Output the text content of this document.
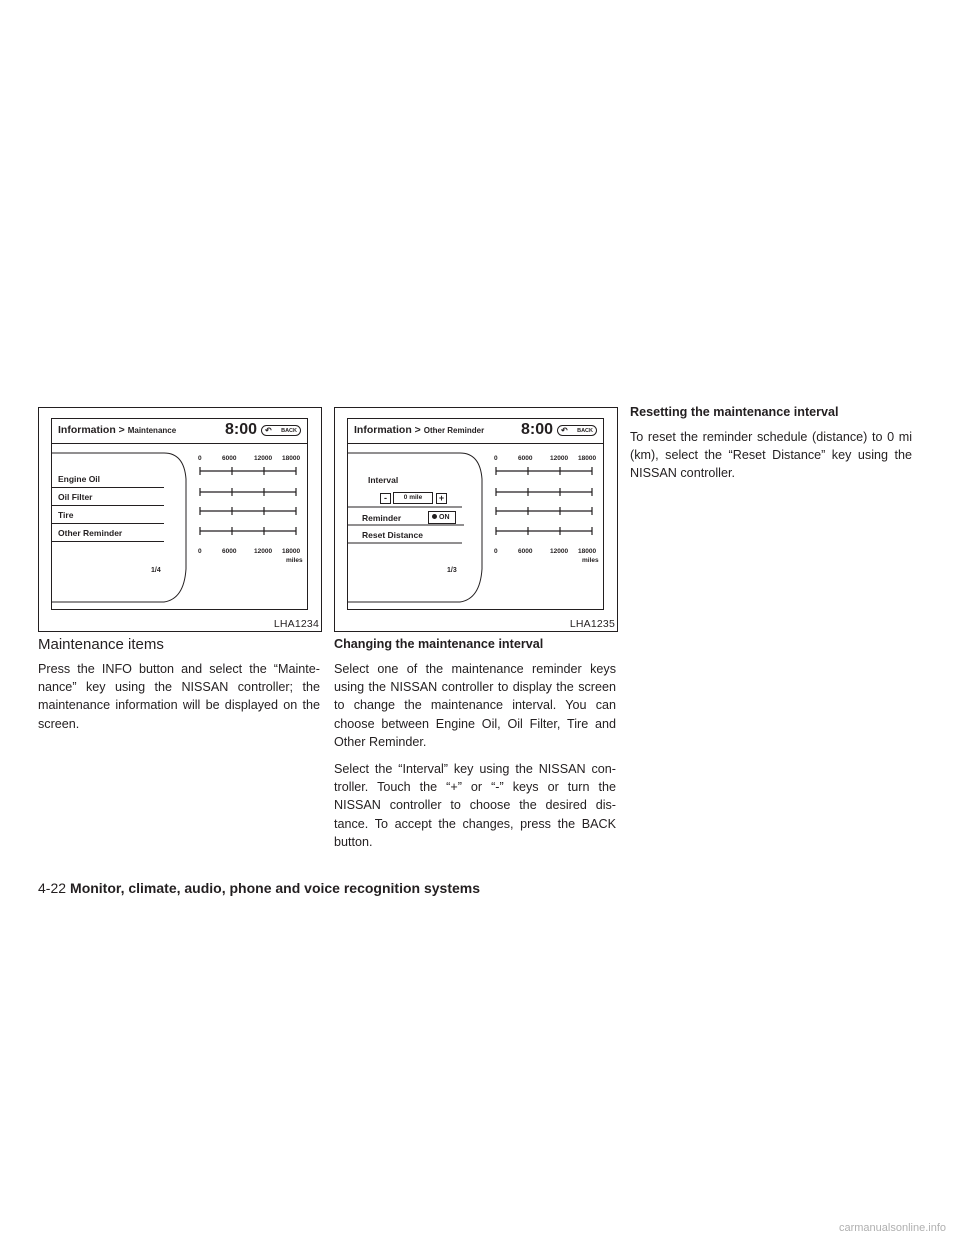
Information > Maintenance	8:00 ↶ BACK
Engine Oil
Oil Filter
Tire
Other Reminder
0	6000	12000 18000
0	6000	12000 18000
miles
1/4
LHA1234
Information > Other Reminder 8:00 ↶ BACK
Interval
-	0 mile	+
Reminder	ON
Reset Distance
0	6000	12000 18000
0	6000	12000 18000
miles
1/3
LHA1235
Maintenance items

Press the INFO button and select the “Mainte- nance” key using the NISSAN controller; the maintenance information will be displayed on the screen.

Changing the maintenance interval

Select one of the maintenance reminder keys using the NISSAN controller to display the screen to change the maintenance interval. You can choose between Engine Oil, Oil Filter, Tire and Other Reminder.

Select the “Interval” key using the NISSAN con- troller. Touch the “+” or “-” keys or turn the NISSAN controller to choose the desired dis- tance. To accept the changes, press the BACK button.

Resetting the maintenance interval

To reset the reminder schedule (distance) to 0 mi (km), select the “Reset Distance” key using the NISSAN controller.

4-22 Monitor, climate, audio, phone and voice recognition systems
carmanualsonline.info
